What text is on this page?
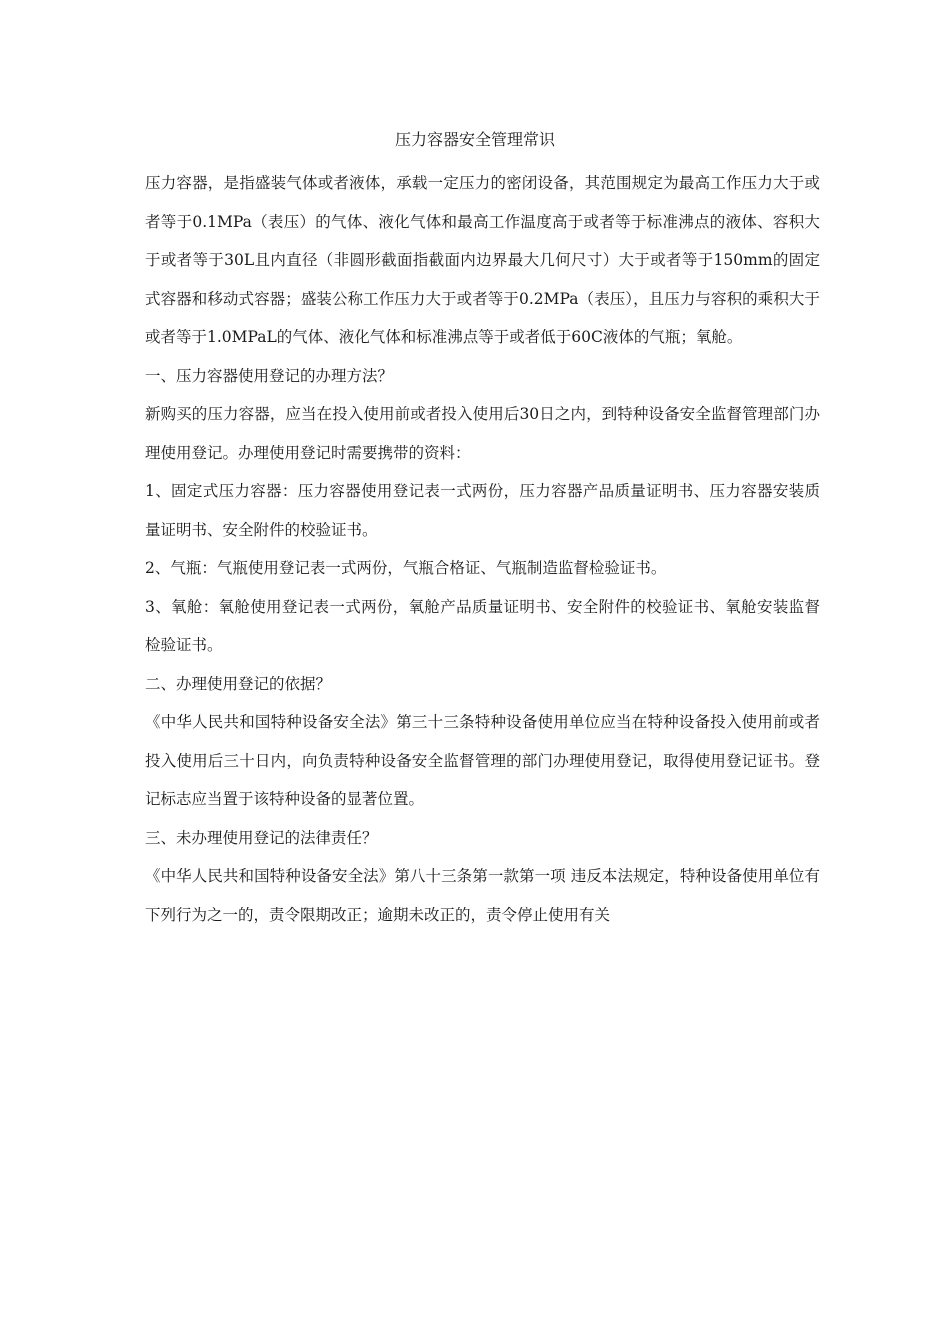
压力容器安全管理常识

压力容器，是指盛装气体或者液体，承载一定压力的密闭设备，其范围规定为最高工作压力大于或者等于0.1MPa（表压）的气体、液化气体和最高工作温度高于或者等于标准沸点的液体、容积大于或者等于30L且内直径（非圆形截面指截面内边界最大几何尺寸）大于或者等于150mm的固定式容器和移动式容器；盛装公称工作压力大于或者等于0.2MPa（表压），且压力与容积的乘积大于或者等于1.0MPaL的气体、液化气体和标准沸点等于或者低于60C液体的气瓶；氧舱。

一、压力容器使用登记的办理方法？

新购买的压力容器，应当在投入使用前或者投入使用后30日之内，到特种设备安全监督管理部门办理使用登记。办理使用登记时需要携带的资料：

1、固定式压力容器：压力容器使用登记表一式两份，压力容器产品质量证明书、压力容器安装质量证明书、安全附件的校验证书。

2、气瓶：气瓶使用登记表一式两份，气瓶合格证、气瓶制造监督检验证书。

3、氧舱：氧舱使用登记表一式两份，氧舱产品质量证明书、安全附件的校验证书、氧舱安装监督检验证书。

二、办理使用登记的依据？

《中华人民共和国特种设备安全法》第三十三条特种设备使用单位应当在特种设备投入使用前或者投入使用后三十日内，向负责特种设备安全监督管理的部门办理使用登记，取得使用登记证书。登记标志应当置于该特种设备的显著位置。

三、未办理使用登记的法律责任？

《中华人民共和国特种设备安全法》第八十三条第一款第一项 违反本法规定，特种设备使用单位有下列行为之一的，责令限期改正；逾期未改正的，责令停止使用有关
